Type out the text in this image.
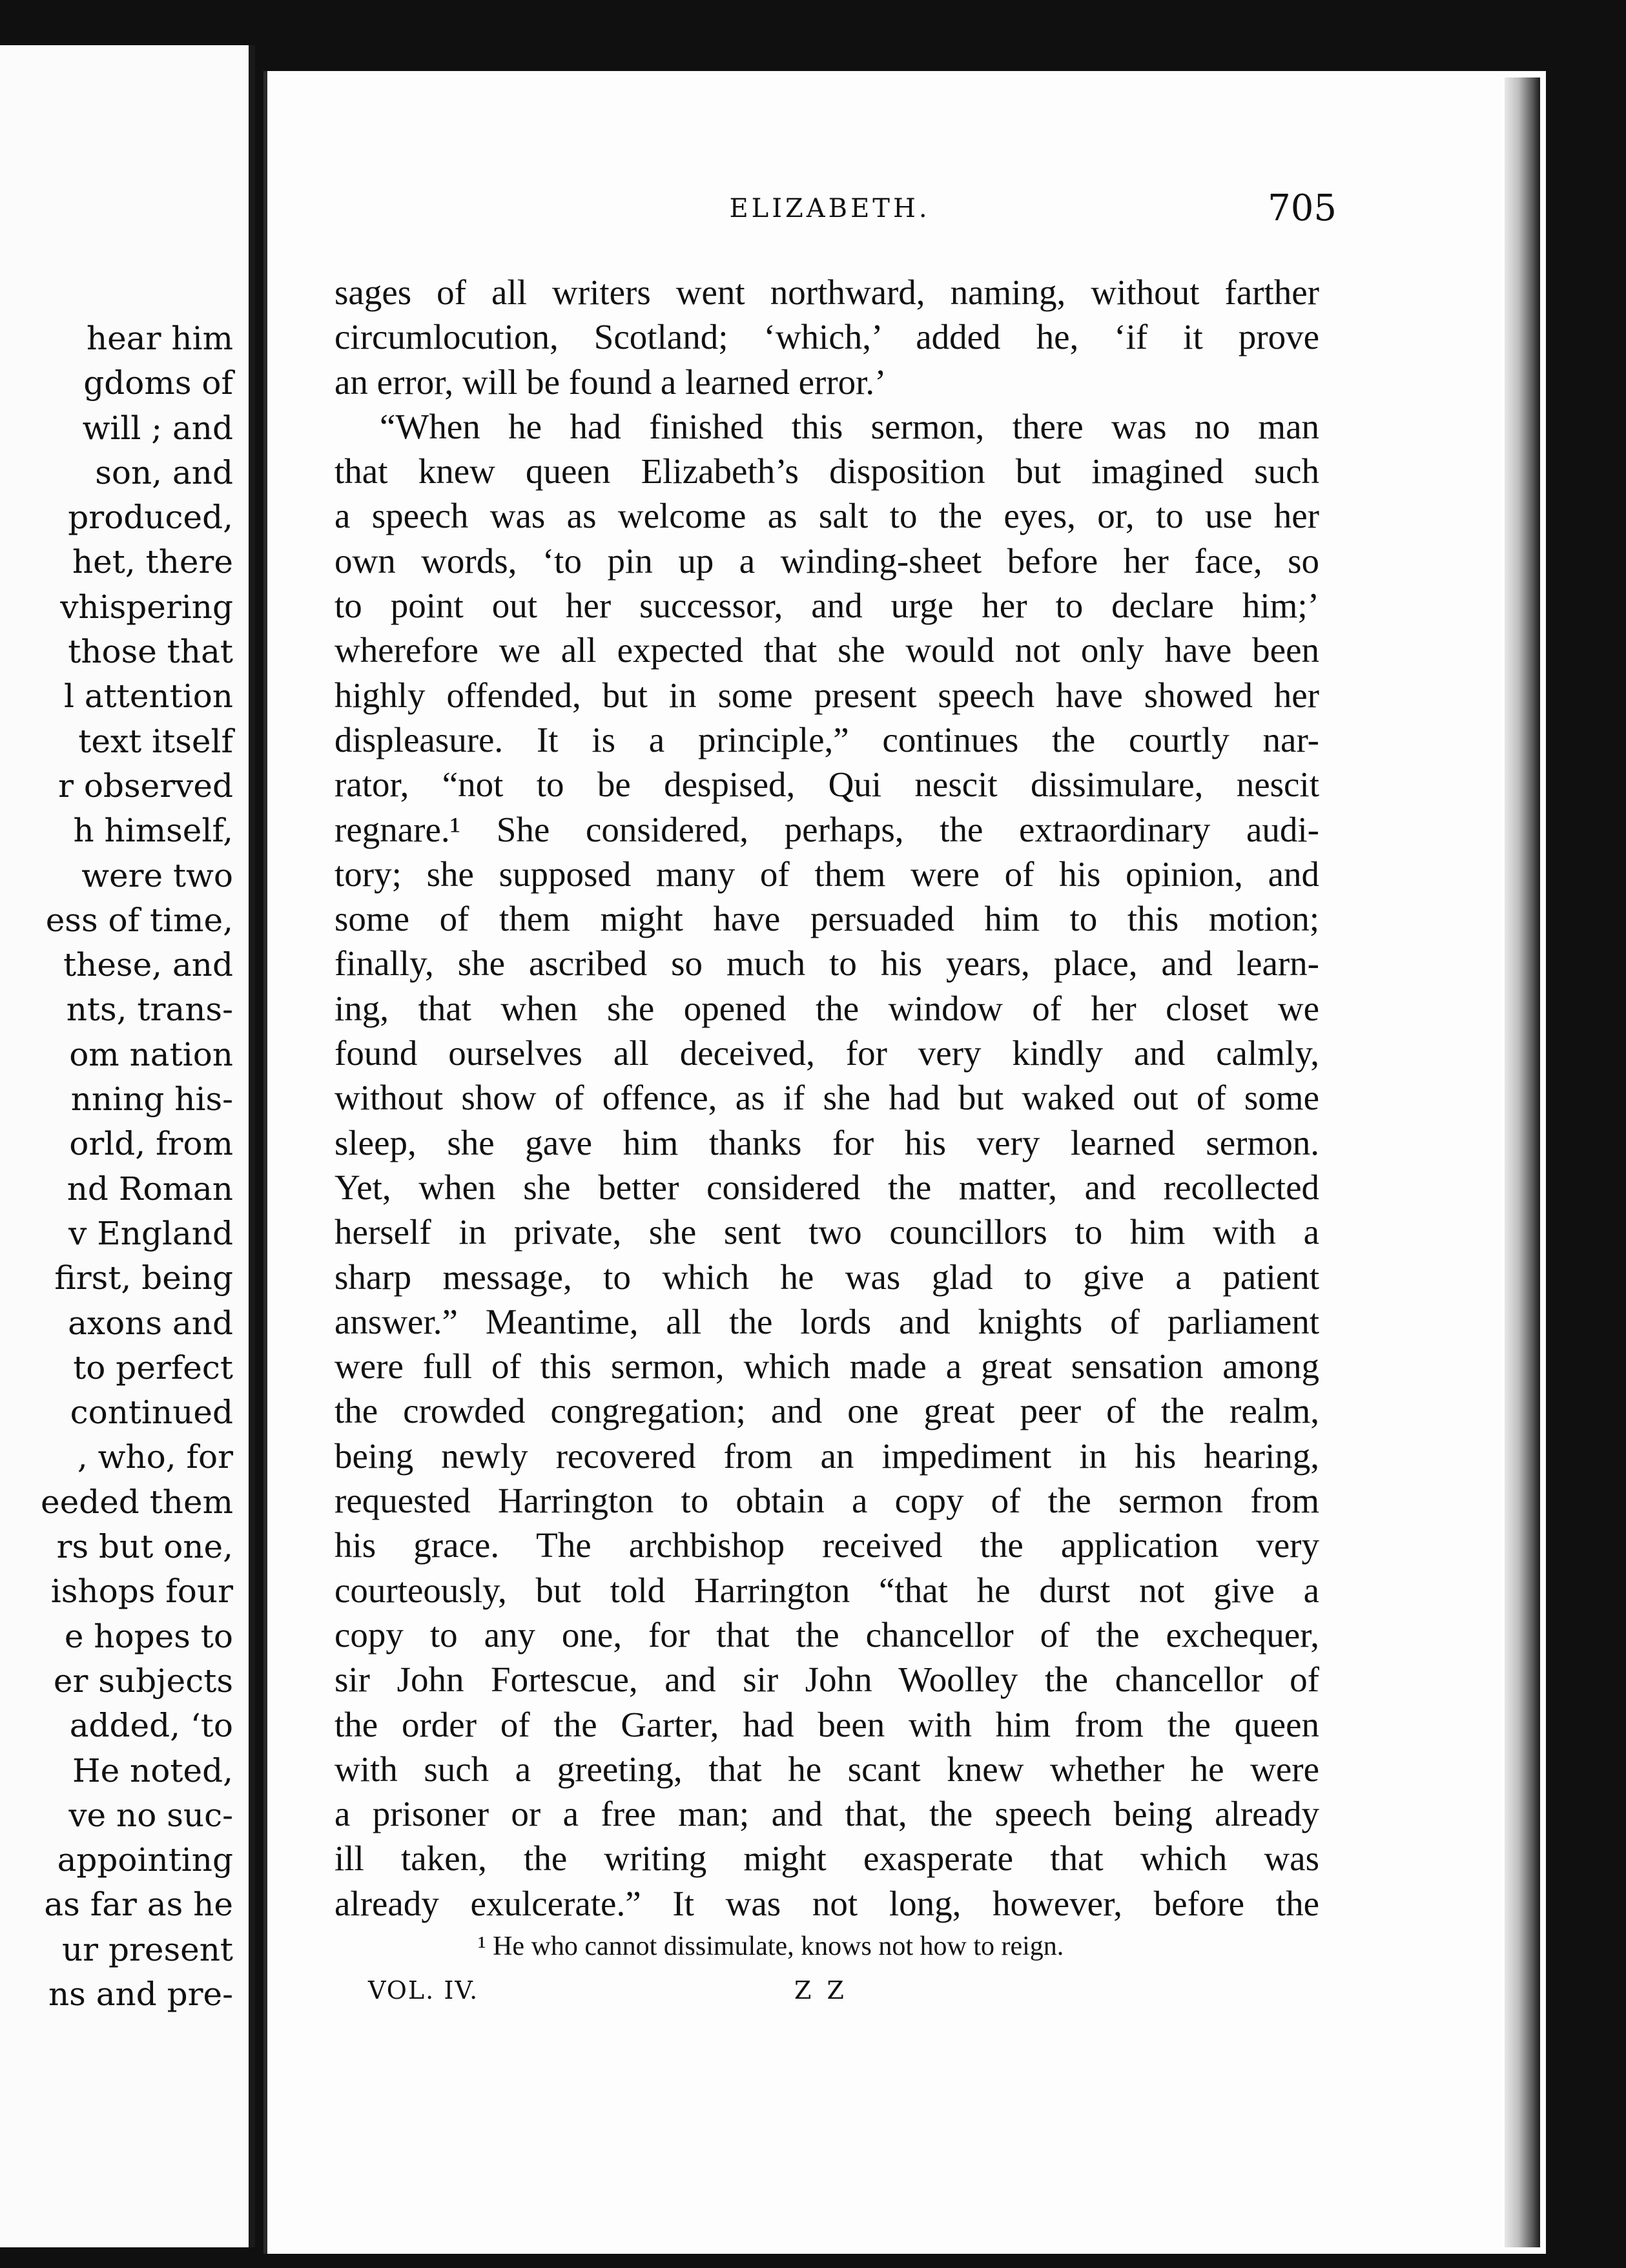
hear him
gdoms of
will ; and
son, and
produced,
het, there
vhispering
those that
l attention
text itself
r observed
h himself,
were two
ess of time,
these, and
nts, trans-
om nation
nning his-
orld, from
nd Roman
v England
first, being
axons and
to perfect
continued
, who, for
eeded them
rs but one,
ishops four
e hopes to
er subjects
added, ‘to
He noted,
ve no suc-
appointing
as far as he
ur present
ns and pre-
ELIZABETH.	705
sages of all writers went northward, naming, without farther
circumlocution, Scotland; ‘which,’ added he, ‘if it prove
an error, will be found a learned error.’
“When he had finished this sermon, there was no man
that knew queen Elizabeth’s disposition but imagined such
a speech was as welcome as salt to the eyes, or, to use her
own words, ‘to pin up a winding-sheet before her face, so
to point out her successor, and urge her to declare him;’
wherefore we all expected that she would not only have been
highly offended, but in some present speech have showed her
displeasure. It is a principle,” continues the courtly nar-
rator, “not to be despised, Qui nescit dissimulare, nescit
regnare.¹ She considered, perhaps, the extraordinary audi-
tory; she supposed many of them were of his opinion, and
some of them might have persuaded him to this motion;
finally, she ascribed so much to his years, place, and learn-
ing, that when she opened the window of her closet we
found ourselves all deceived, for very kindly and calmly,
without show of offence, as if she had but waked out of some
sleep, she gave him thanks for his very learned sermon.
Yet, when she better considered the matter, and recollected
herself in private, she sent two councillors to him with a
sharp message, to which he was glad to give a patient
answer.” Meantime, all the lords and knights of parliament
were full of this sermon, which made a great sensation among
the crowded congregation; and one great peer of the realm,
being newly recovered from an impediment in his hearing,
requested Harrington to obtain a copy of the sermon from
his grace. The archbishop received the application very
courteously, but told Harrington “that he durst not give a
copy to any one, for that the chancellor of the exchequer,
sir John Fortescue, and sir John Woolley the chancellor of
the order of the Garter, had been with him from the queen
with such a greeting, that he scant knew whether he were
a prisoner or a free man; and that, the speech being already
ill taken, the writing might exasperate that which was
already exulcerate.” It was not long, however, before the
¹ He who cannot dissimulate, knows not how to reign.
VOL. IV.	Z Z
